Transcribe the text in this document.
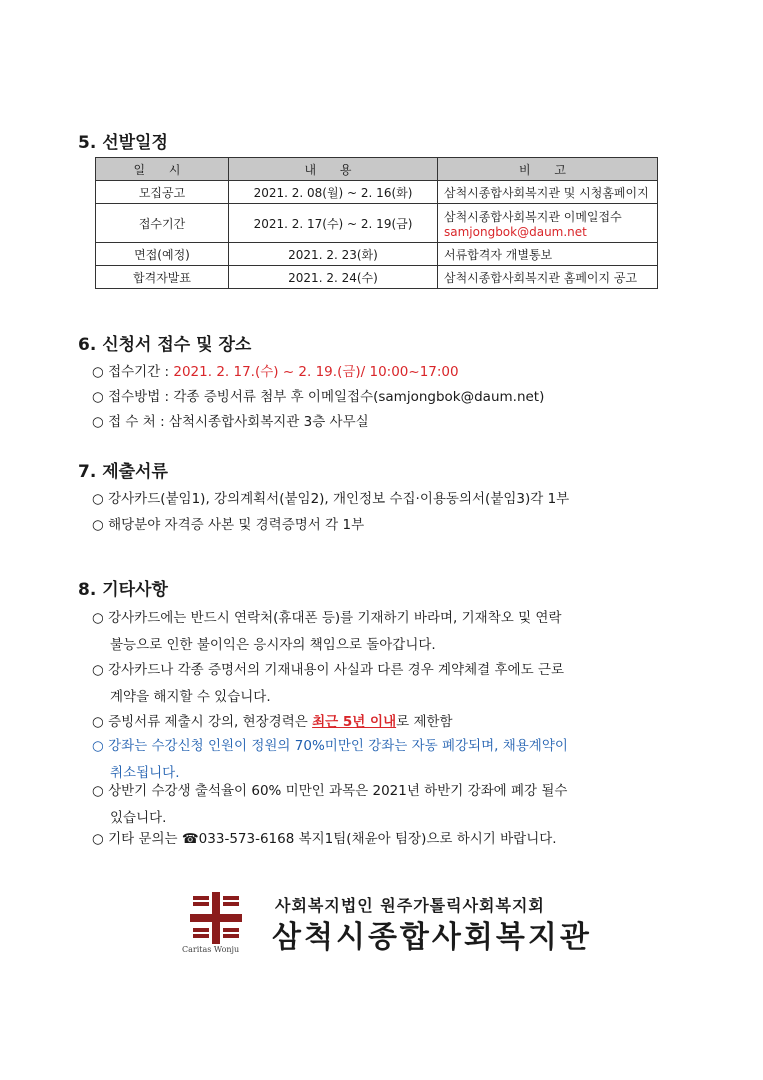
5. 선발일정
일 시	내 용	비 고
모집공고	2021. 2. 08(월) ~ 2. 16(화)	삼척시종합사회복지관 및 시청홈페이지
접수기간	2021. 2. 17(수) ~ 2. 19(금)	삼척시종합사회복지관 이메일접수
samjongbok@daum.net

면접(예정)	2021. 2. 23(화)	서류합격자 개별통보
합격자발표	2021. 2. 24(수)	삼척시종합사회복지관 홈페이지 공고
6. 신청서 접수 및 장소
○ 접수기간 : 2021. 2. 17.(수) ~ 2. 19.(금)/ 10:00~17:00
○ 접수방법 : 각종 증빙서류 첨부 후 이메일접수(samjongbok@daum.net)
○ 접 수 처 : 삼척시종합사회복지관 3층 사무실
7. 제출서류
○ 강사카드(붙임1), 강의계획서(붙임2), 개인정보 수집·이용동의서(붙임3)각 1부
○ 해당분야 자격증 사본 및 경력증명서 각 1부
8. 기타사항
○ 강사카드에는 반드시 연락처(휴대폰 등)를 기재하기 바라며, 기재착오 및 연락
불능으로 인한 불이익은 응시자의 책임으로 돌아갑니다.
○ 강사카드나 각종 증명서의 기재내용이 사실과 다른 경우 계약체결 후에도 근로
계약을 해지할 수 있습니다.
○ 증빙서류 제출시 강의, 현장경력은 최근 5년 이내로 제한함
○ 강좌는 수강신청 인원이 정원의 70%미만인 강좌는 자동 폐강되며, 채용계약이
취소됩니다.
○ 상반기 수강생 출석율이 60% 미만인 과목은 2021년 하반기 강좌에 폐강 될수
있습니다.
○ 기타 문의는 ☎033-573-6168 복지1팀(채윤아 팀장)으로 하시기 바랍니다.
Caritas Wonju
사회복지법인 원주가톨릭사회복지회
삼척시종합사회복지관
